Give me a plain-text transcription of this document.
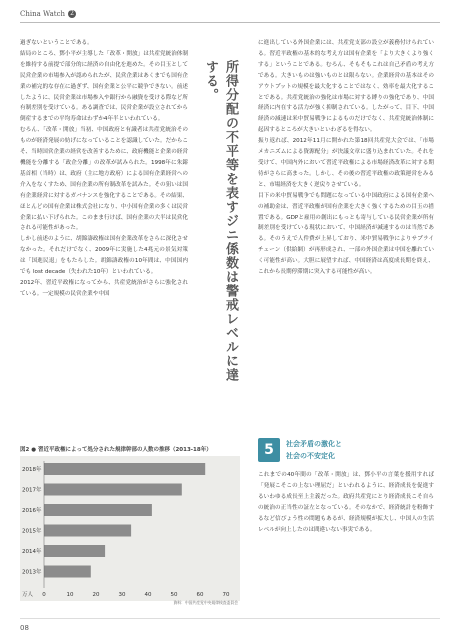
China Watch 2

過ぎないということである。

結局のところ、鄧小平が主導した「改革・開放」は共産党統治体制を維持する前提で部分的に経済の自由化を進めた。その目玉として民営企業の市場参入が認められたが、民営企業はあくまでも国有企業の補完的な存在に過ぎず、国有企業と公平に競争できない。前述したように、民営企業は市場参入や銀行から融資を受ける際など所有制差別を受けている。ある調査では、民営企業が設立されてから倒産するまでの平均寿命はわずか4年半といわれている。

むろん、「改革・開放」当初、中国政府と有識者は共産党統治そのものが経済発展の妨げになっていることを認識していた。だからこそ、当時国営企業の経営を改善するために、政府機能と企業の経営機能を分離する「政企分離」の改革が試みられた。1998年に朱鎔基首相（当時）は、政府（主に地方政府）による国有企業経営への介入をなくすため、国有企業の所有制改革を試みた。その狙いは国有企業経営に対するガバナンスを強化することである。その結果、ほとんどの国有企業は株式会社になり、中小国有企業の多くは民営企業に払い下げられた。このまま行けば、国有企業の大半は民営化される可能性があった。

しかし前述のように、胡錦濤政権は国有企業改革をさらに深化させなかった。それだけでなく、2009年に実施した4兆元の景気対策は「国進民退」をもたらした。胡錦濤政権の10年間は、中国国内でも lost decade（失われた10年）といわれている。

2012年、習近平政権になってから、共産党統治がさらに強化されている。一定規模の民営企業や中国	所得分配の不平等を表すジニ係数は警戒レベルに達する。

に進出している外国企業には、共産党支部の設立が義務付けられている。習近平政権の基本的な考え方は国有企業を「より大きくより強くする」ということである。むろん、そもそもこれは自己矛盾の考え方である。大きいものは強いものとは限らない。企業経営の基本はそのアウトプットの規模を最大化することではなく、効率を最大化することである。共産党統治の強化は市場に対する縛りの強化であり、中国経済に内在する活力が強く抑制されている。したがって、目下、中国経済の減速は米中貿易戦争によるものだけでなく、共産党統治体制に起因するところが大きいといわざるを得ない。

振り返れば、2012年11月に開かれた第18回共産党大会では、「市場メカニズムによる資源配分」が決議文章に盛り込まれていた。それを受けて、中国内外において習近平政権による市場経済改革に対する期待がさらに高まった。しかし、その後の習近平政権の政策運営をみると、市場経済を大きく逆戻りさせている。

目下の米中貿易戦争でも問題になっている中国政府による国有企業への補助金は、習近平政権が国有企業を大きく強くするための目玉の措置である。GDPと雇用の創出にもっとも寄与している民営企業が所有制差別を受けている現状において、中国経済が減速するのは当然である。そのうえで人件費が上昇しており、米中貿易戦争によりサプライチェーン（供給網）が再形成され、一部の外国企業は中国を離れていく可能性が高い。大胆に展望すれば、中国経済は高度成長期を終え、これから長期停滞期に突入する可能性が高い。

図2 ● 習近平政権によって処分された規律幹部の人数の推移（2013-18年）
2018年
2017年
2016年
2015年
2014年
2013年
0	10	20	30	40	50	60	70
万人
資料：中国共産党中央規律検査委員会
5	社会矛盾の激化と
社会の不安定化

これまでの40年間の「改革・開放」は、鄧小平の言葉を援用すれば「発展こそこの上ない理屈だ」といわれるように、経済成長を促進するいわゆる成長至上主義だった。政府共産党にとり経済成長こそ自らの統治の正当性の証左となっている。そのなかで、経済統計を粉飾するなど信ぴょう性の問題もあるが、経済規模が拡大し、中国人の生活レベルが向上したのは間違いない事実である。

08
